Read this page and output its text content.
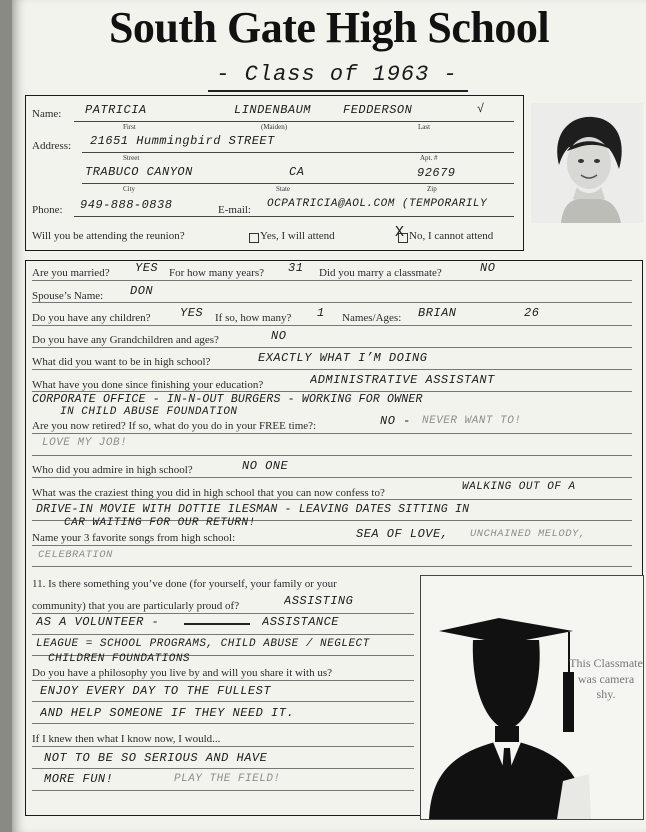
South Gate High School
- Class of 1963 -
Name: PATRICIA	LINDENBAUM	FEDDERSON	√
First	(Maiden)	Last
Address: 21651 Hummingbird STREET
Street	Apt. #
TRABUCO CANYON	CA	92679
City	State	Zip
Phone: 949-888-0838	E-mail: OCPATRICIA@AOL.COM (TEMPORARILY
Will you be attending the reunion?	Yes, I will attend	X No, I cannot attend
Are you married? YES For how many years? 31 Did you marry a classmate?	NO
Spouse’s Name: DON
Do you have any children? YES If so, how many? 1 Names/Ages: BRIAN	26
Do you have any Grandchildren and ages?	NO
What did you want to be in high school?	EXACTLY WHAT I’M DOING
What have you done since finishing your education?	ADMINISTRATIVE ASSISTANT
CORPORATE OFFICE - IN-N-OUT BURGERS - WORKING FOR OWNER
IN CHILD ABUSE FOUNDATION
Are you now retired? If so, what do you do in your FREE time?:	NO - NEVER WANT TO!
LOVE MY JOB!
Who did you admire in high school?	NO ONE
What was the craziest thing you did in high school that you can now confess to?	WALKING OUT OF A
DRIVE-IN MOVIE WITH DOTTIE ILESMAN - LEAVING DATES SITTING IN
CAR WAITING FOR OUR RETURN!
Name your 3 favorite songs from high school:	SEA OF LOVE, UNCHAINED MELODY,
CELEBRATION
11. Is there something you’ve done (for yourself, your family or your
community) that you are particularly proud of?	ASSISTING
AS A VOLUNTEER -	ASSISTANCE
LEAGUE = SCHOOL PROGRAMS, CHILD ABUSE / NEGLECT
CHILDREN FOUNDATIONS
Do you have a philosophy you live by and will you share it with us?
ENJOY EVERY DAY TO THE FULLEST
AND HELP SOMEONE IF THEY NEED IT.
If I knew then what I know now, I would...
NOT TO BE SO SERIOUS AND HAVE
MORE FUN!	PLAY THE FIELD!
This Classmate was camera shy.
